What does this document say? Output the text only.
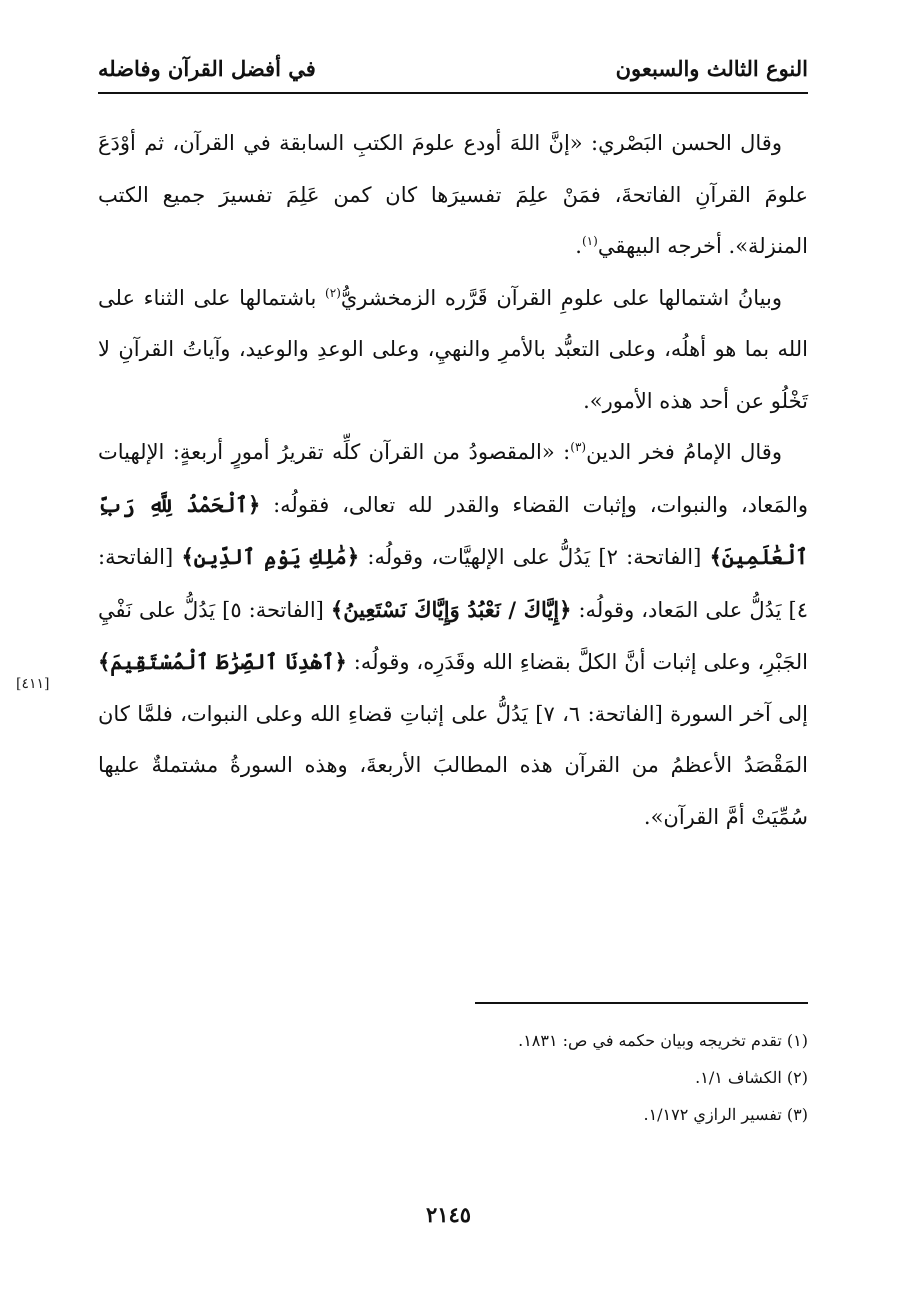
النوع الثالث والسبعون
في أفضل القرآن وفاضله

وقال الحسن البَصْري: «إنَّ اللهَ أودع علومَ الكتبِ السابقة في القرآن، ثم أوْدَعَ علومَ القرآنِ الفاتحةَ، فمَنْ علِمَ تفسيرَها كان كمن عَلِمَ تفسيرَ جميع الكتب المنزلة». أخرجه البيهقي$^{(١)}$.

وبيانُ اشتمالها على علومِ القرآن قَرَّره الزمخشريُّ$^{(٢)}$ باشتمالها على الثناء على الله بما هو أهلُه، وعلى التعبُّد بالأمرِ والنهيِ، وعلى الوعدِ والوعيد، وآياتُ القرآنِ لا تَخْلُو عن أحد هذه الأمور».

وقال الإمامُ فخر الدين$^{(٣)}$: «المقصودُ من القرآن كلِّه تقريرُ أمورٍ أربعةٍ: الإلهيات والمَعاد، والنبوات، وإثبات القضاء والقدر لله تعالى، فقولُه: ﴿ٱلْحَمْدُ لِلَّهِ رَبِّ ٱلْعَٰلَمِينَ﴾ [الفاتحة: ٢] يَدُلُّ على الإلهيَّات، وقولُه: ﴿مَٰلِكِ يَوْمِ ٱلدِّينِ﴾ [الفاتحة: ٤] يَدُلُّ على المَعاد، وقولُه: ﴿إِيَّاكَ / نَعْبُدُ وَإِيَّاكَ نَسْتَعِينُ﴾ [الفاتحة: ٥] يَدُلُّ على نَفْيِ الجَبْرِ، وعلى إثبات أنَّ الكلَّ بقضاءِ الله وقَدَرِه، وقولُه: ﴿ٱهْدِنَا ٱلصِّرَٰطَ ٱلْمُسْتَقِيمَ﴾ إلى آخر السورة [الفاتحة: ٦، ٧] يَدُلُّ على إثباتِ قضاءِ الله وعلى النبوات، فلمَّا كان المَقْصَدُ الأعظمُ من القرآن هذه المطالبَ الأربعةَ، وهذه السورةُ مشتملةٌ عليها سُمِّيَتْ أمَّ القرآن».

[٤١١]

(١) تقدم تخريجه وبيان حكمه في ص: ١٨٣١.

(٢) الكشاف ١/١.

(٣) تفسير الرازي ١/١٧٢.

٢١٤٥
